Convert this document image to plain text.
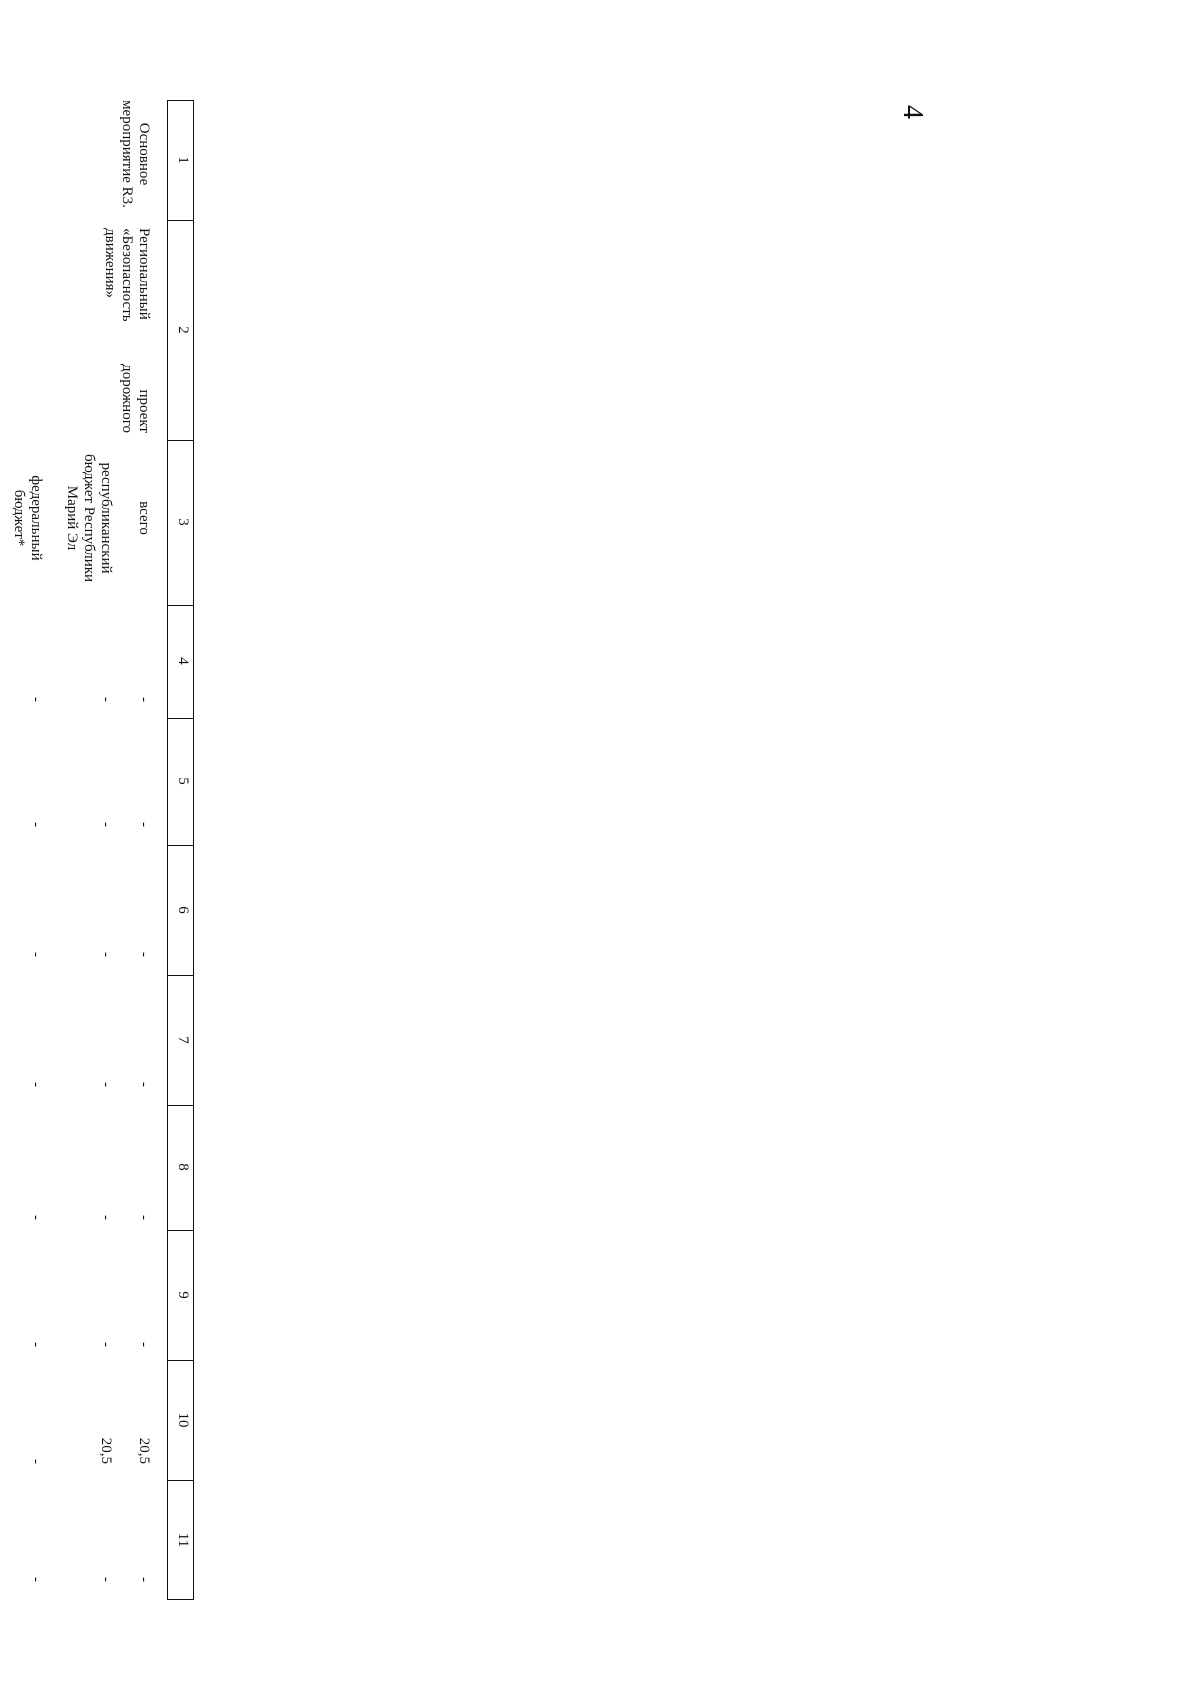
4
1
2
3
4
5
6
7
8
9
10
11
Основное мероприятие R3.
Региональный проект «Безопасность дорожного движения»
всего
-
-
-
-
-
-
20,5
-
республиканский бюджет Республики Марий Эл
-
-
-
-
-
-
20,5
-
федеральный бюджет*
-
-
-
-
-
-
-
-
